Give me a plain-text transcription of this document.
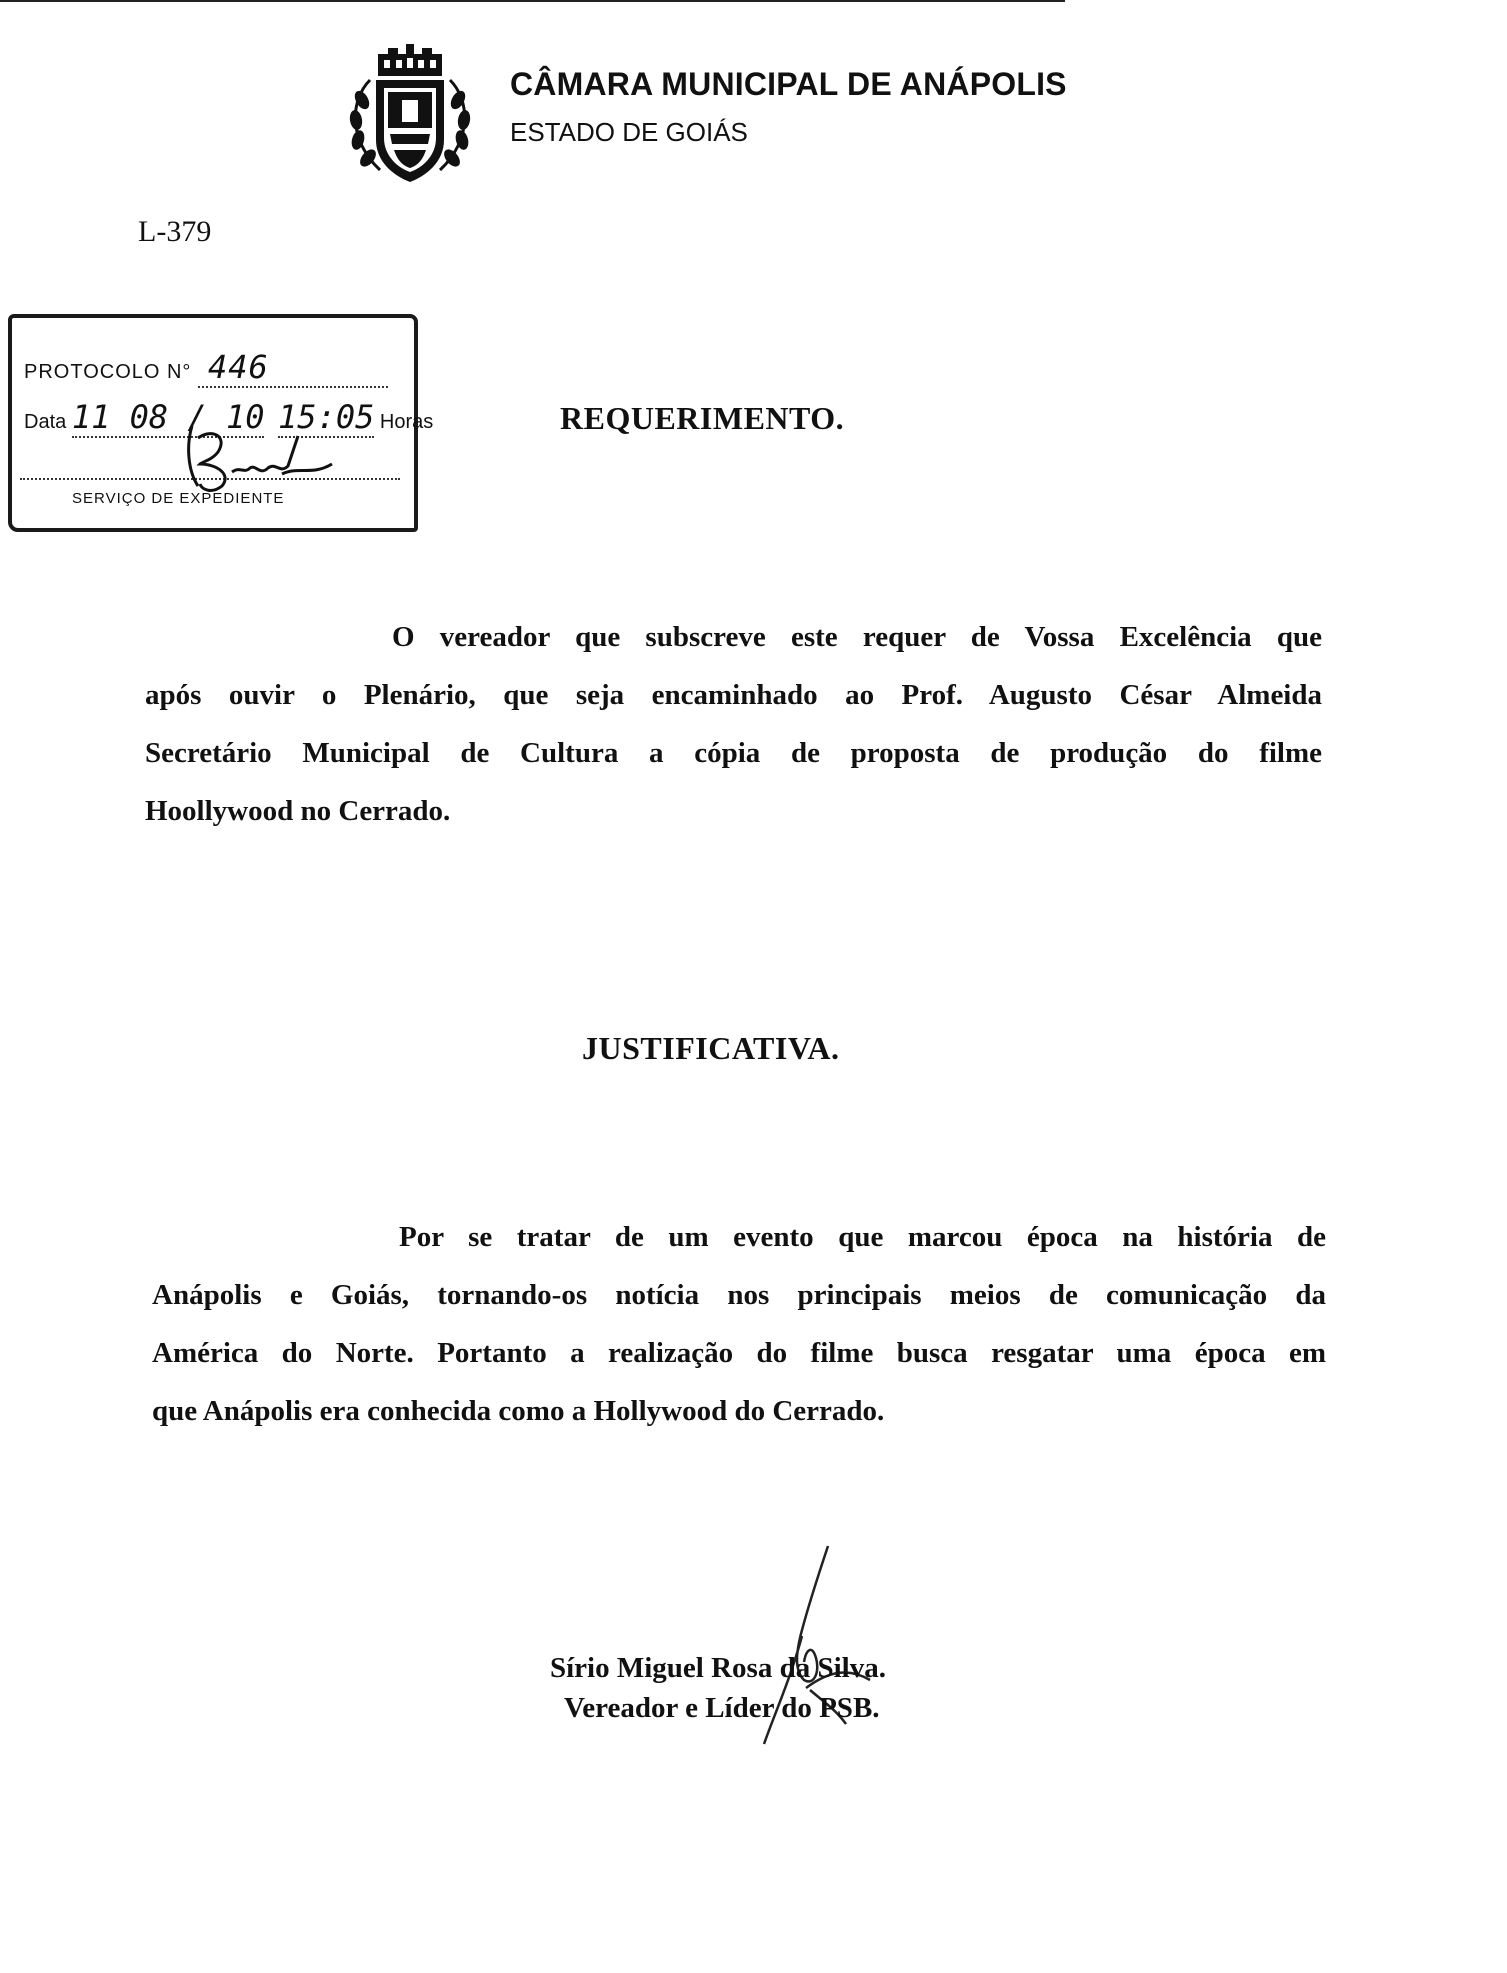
CÂMARA MUNICIPAL DE ANÁPOLIS
ESTADO DE GOIÁS
L-379
PROTOCOLO N° 446
Data 11 08 / 10 15:05 Horas
SERVIÇO DE EXPEDIENTE
REQUERIMENTO.
O vereador que subscreve este requer de Vossa Excelência que
após ouvir o Plenário, que seja encaminhado ao Prof. Augusto César Almeida
Secretário Municipal de Cultura a cópia de proposta de produção do filme
Hoollywood no Cerrado.
JUSTIFICATIVA.
Por se tratar de um evento que marcou época na história de
Anápolis e Goiás, tornando-os notícia nos principais meios de comunicação da
América do Norte. Portanto a realização do filme busca resgatar uma época em
que Anápolis era conhecida como a Hollywood do Cerrado.
Sírio Miguel Rosa da Silva.
Vereador e Líder do PSB.
